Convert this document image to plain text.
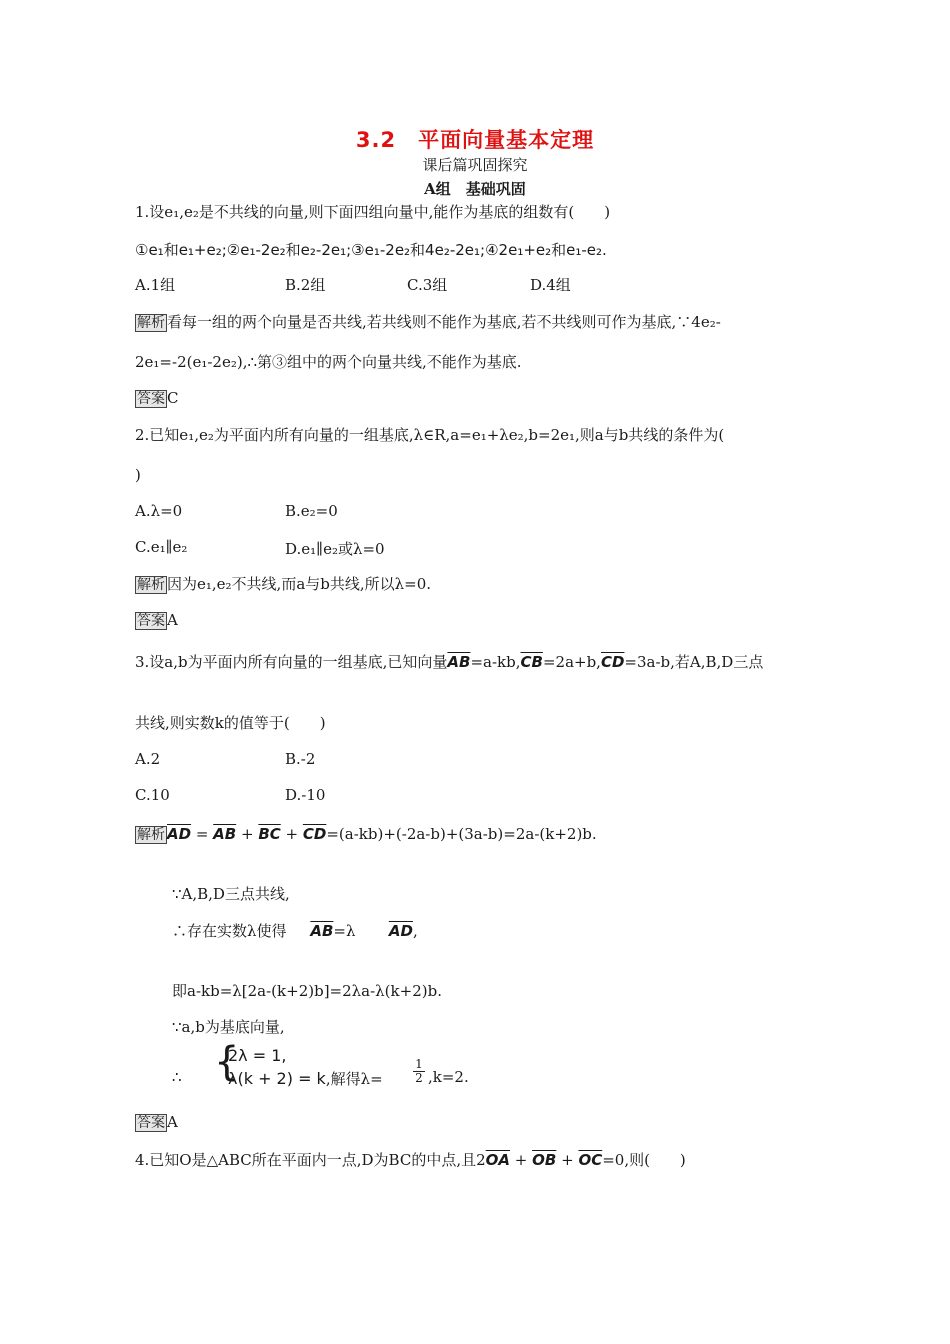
3.2　平面向量基本定理
课后篇巩固探究
A组　基础巩固
1.设e₁,e₂是不共线的向量,则下面四组向量中,能作为基底的组数有(　　)
①e₁和e₁+e₂;②e₁-2e₂和e₂-2e₁;③e₁-2e₂和4e₂-2e₁;④2e₁+e₂和e₁-e₂.
A.1组	B.2组	C.3组	D.4组
解析 看每一组的两个向量是否共线,若共线则不能作为基底,若不共线则可作为基底,∵4e₂-
2e₁=-2(e₁-2e₂),∴第③组中的两个向量共线,不能作为基底.
答案 C
2.已知e₁,e₂为平面内所有向量的一组基底,λ∈R,a=e₁+λe₂,b=2e₁,则a与b共线的条件为(
)
A.λ=0	B.e₂=0
C.e₁∥e₂	D.e₁∥e₂或λ=0
解析 因为e₁,e₂不共线,而a与b共线,所以λ=0.
答案 A
3.设a,b为平面内所有向量的一组基底,已知向量$\overline{AB}=a-kb,\overline{CB}=2a+b,\overline{CD}=3a-b$,若A,B,D三点
共线,则实数k的值等于(　　)
A.2	B.-2
C.10	D.-10
解析 $\overline{AD} = \overline{AB} + \overline{BC} + \overline{CD}=(a-kb)+(-2a-b)+(3a-b)=2a-(k+2)b$.
∵A,B,D三点共线,
∴存在实数λ使得 $\overline{AB}=\lambda$ $\overline{AD}$,
即a-kb=λ[2a-(k+2)b]=2λa-λ(k+2)b.
∵a,b为基底向量,
∴ {
2λ = 1,
λ(k + 2) = k,解得λ=	$\frac{1}{2} ,k=2$.
答案 A
4.已知O是△ABC所在平面内一点,D为BC的中点,且$2\overline{OA} + \overline{OB} + \overline{OC}=0$,则(　　)
